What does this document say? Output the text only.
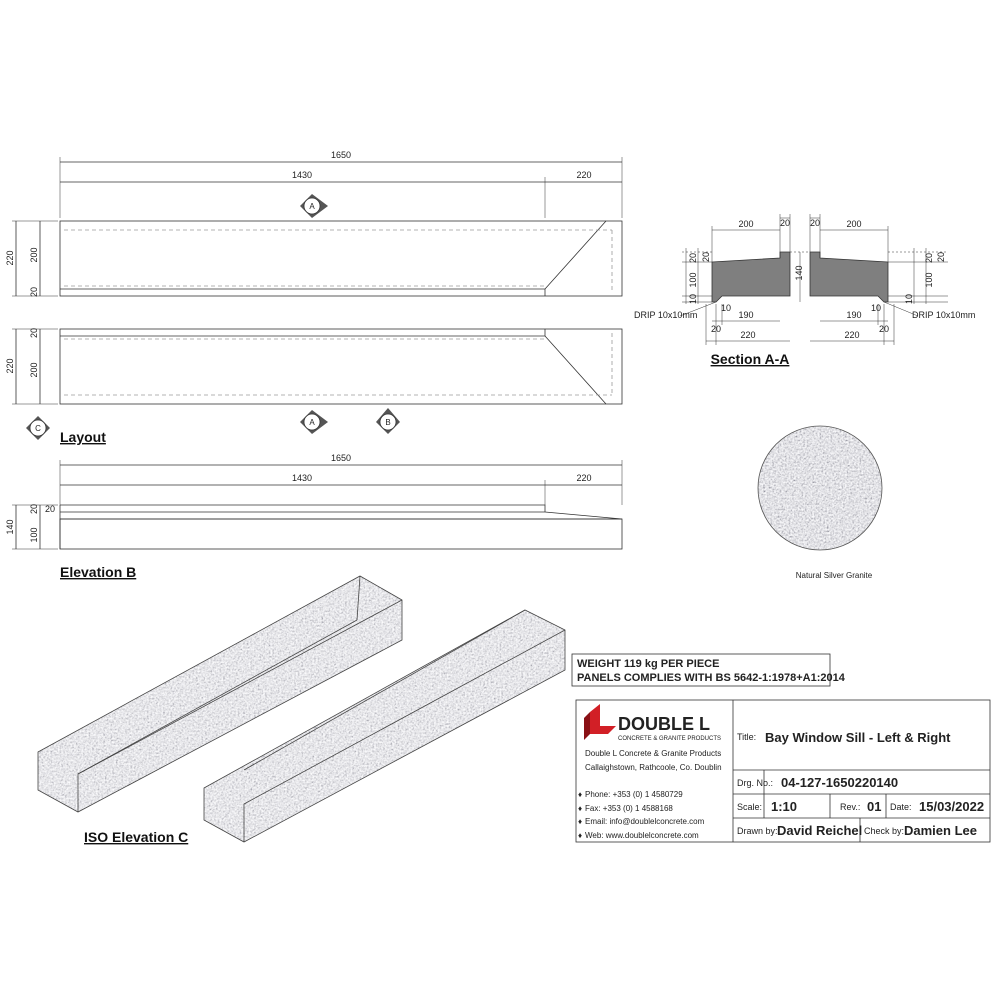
1650
1430	220
220 200
20
220
20
200
A
A	B
C
Layout
1650
1430	220
140
20
100
20
Elevation B
200	20 20	200
20 20
100
10
140
20 20
100
10
10
190	190
10
20	20
220	220
DRIP 10x10mm	DRIP 10x10mm
Section A-A
Natural Silver Granite
ISO Elevation C
WEIGHT 119 kg PER PIECE
PANELS COMPLIES WITH BS 5642-1:1978+A1:2014
DOUBLE L
CONCRETE & GRANITE PRODUCTS
Double L Concrete & Granite Products
Callaighstown, Rathcoole, Co. Doublin
Phone: +353 (0) 1 4580729
Fax: +353 (0) 1 4588168
Email: info@doublelconcrete.com
Web: www.doublelconcrete.com
♦
♦
♦
♦
Title: Bay Window Sill - Left & Right
Drg. No.: 04-127-1650220140
Scale: 1:10	Rev.: 01 Date: 15/03/2022
Drawn by: David Reichel Check by: Damien Lee
